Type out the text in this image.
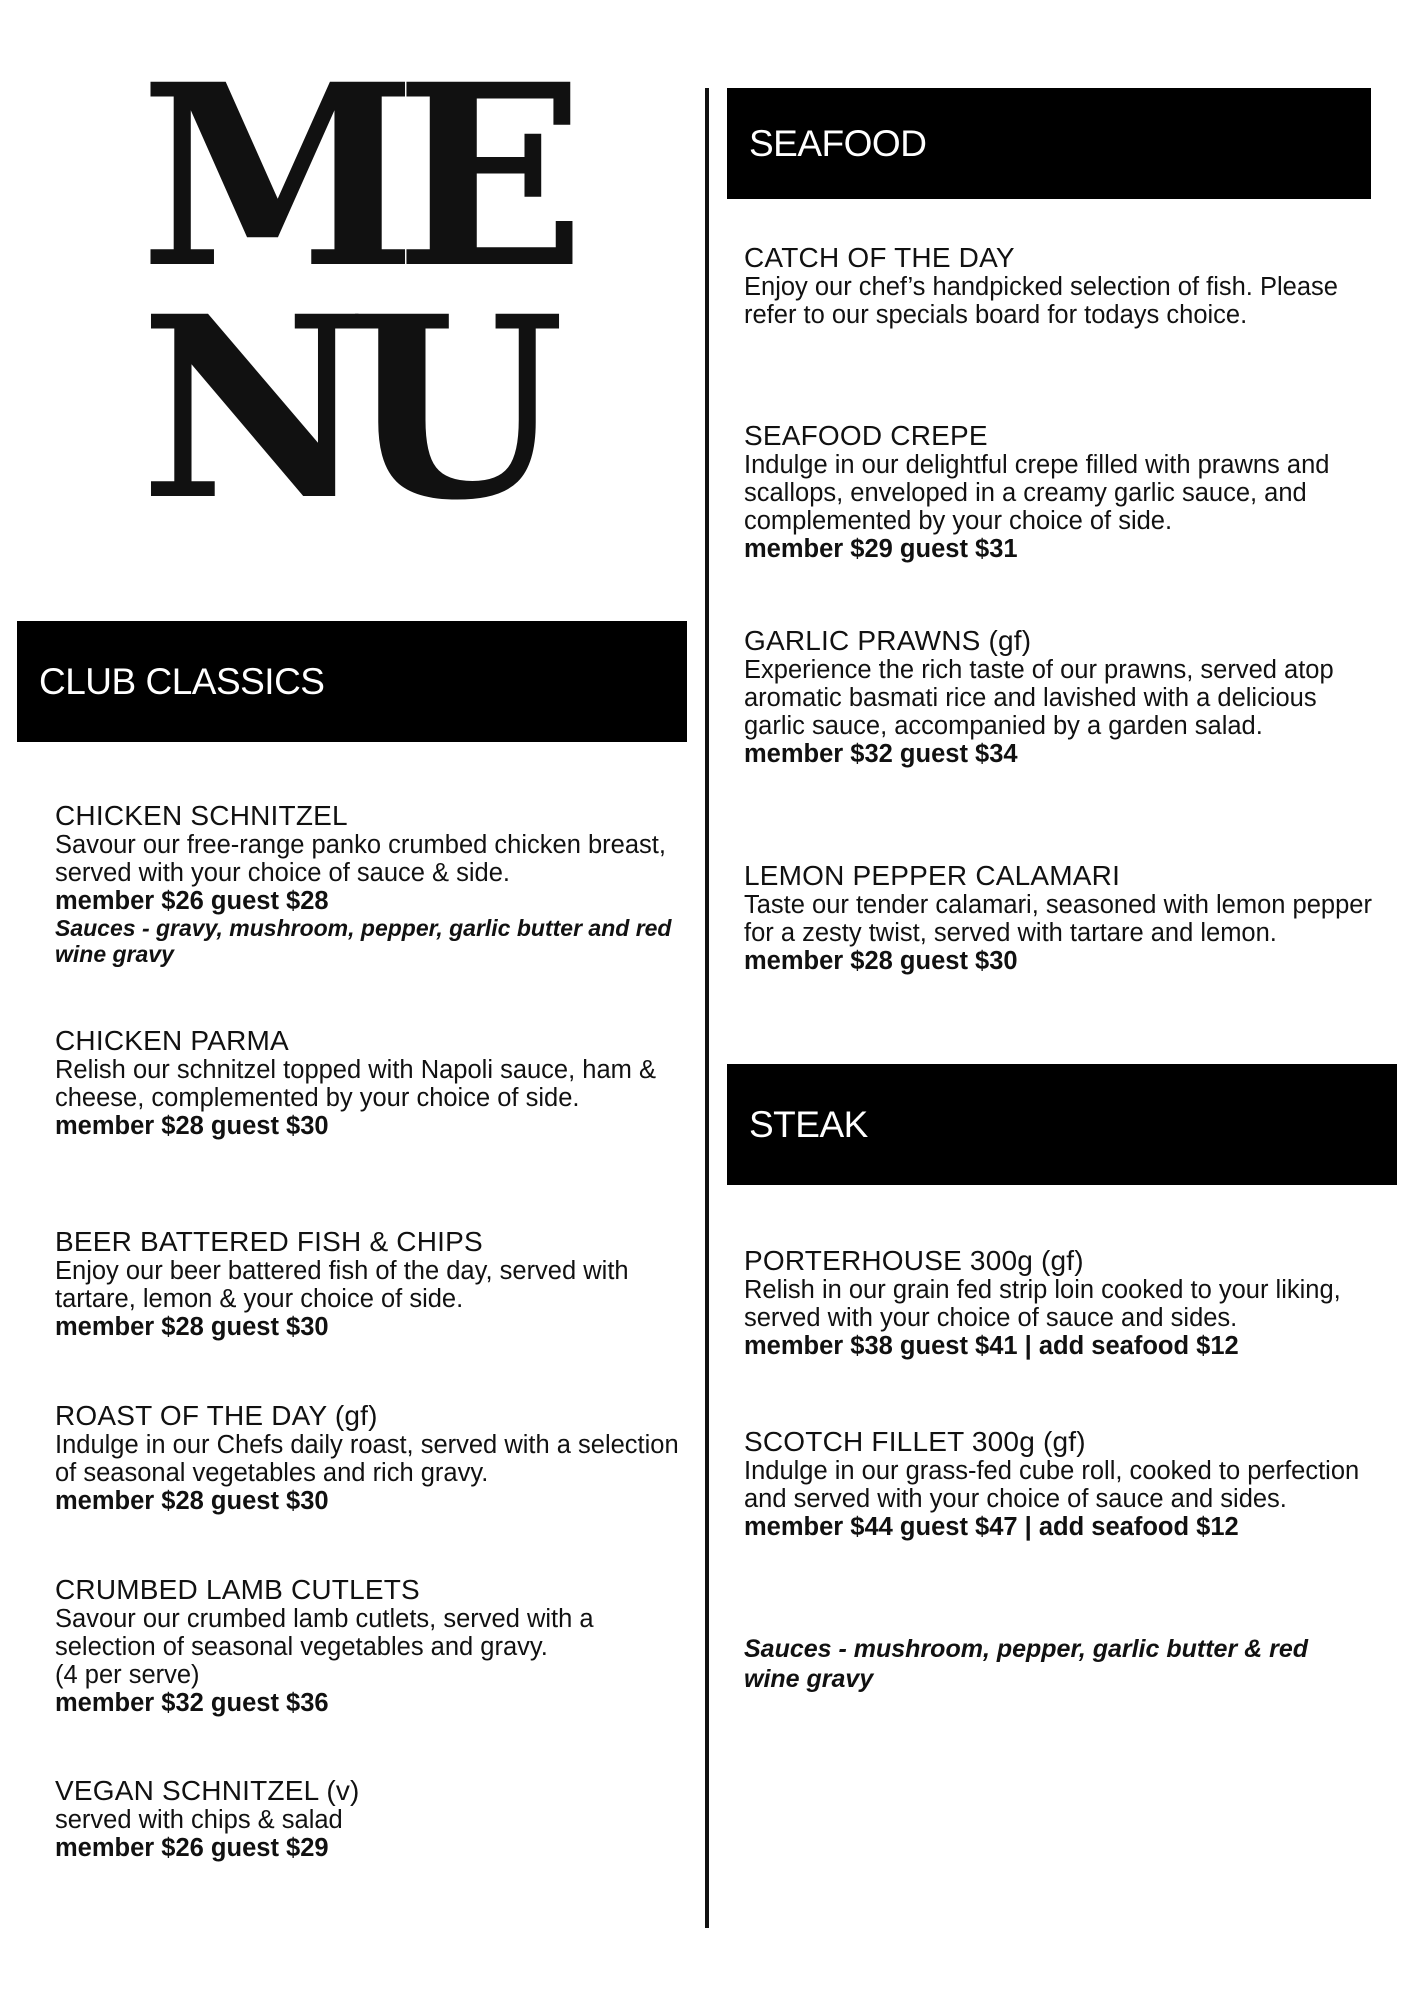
ME
NU
CLUB CLASSICS
CHICKEN SCHNITZEL
Savour our free-range panko crumbed chicken breast, served with your choice of sauce & side.
member $26 guest $28
Sauces - gravy, mushroom, pepper, garlic butter and red wine gravy
CHICKEN PARMA
Relish our schnitzel topped with Napoli sauce, ham & cheese, complemented by your choice of side.
member $28 guest $30
BEER BATTERED FISH & CHIPS
Enjoy our beer battered fish of the day, served with tartare, lemon & your choice of side.
member $28 guest $30
ROAST OF THE DAY (gf)
Indulge in our Chefs daily roast, served with a selection of seasonal vegetables and rich gravy.
member $28 guest $30
CRUMBED LAMB CUTLETS
Savour our crumbed lamb cutlets, served with a selection of seasonal vegetables and gravy.
(4 per serve)
member $32 guest $36
VEGAN SCHNITZEL (v)
served with chips & salad
member $26 guest $29
SEAFOOD
CATCH OF THE DAY
Enjoy our chef’s handpicked selection of fish. Please refer to our specials board for todays choice.
SEAFOOD CREPE
Indulge in our delightful crepe filled with prawns and scallops, enveloped in a creamy garlic sauce, and complemented by your choice of side.
member $29 guest $31
GARLIC PRAWNS (gf)
Experience the rich taste of our prawns, served atop aromatic basmati rice and lavished with a delicious garlic sauce, accompanied by a garden salad.
member $32 guest $34
LEMON PEPPER CALAMARI
Taste our tender calamari, seasoned with lemon pepper for a zesty twist, served with tartare and lemon.
member $28 guest $30
STEAK
PORTERHOUSE 300g (gf)
Relish in our grain fed strip loin cooked to your liking, served with your choice of sauce and sides.
member $38 guest $41 | add seafood $12
SCOTCH FILLET 300g (gf)
Indulge in our grass-fed cube roll, cooked to perfection and served with your choice of sauce and sides.
member $44 guest $47 | add seafood $12
Sauces - mushroom, pepper, garlic butter & red wine gravy
